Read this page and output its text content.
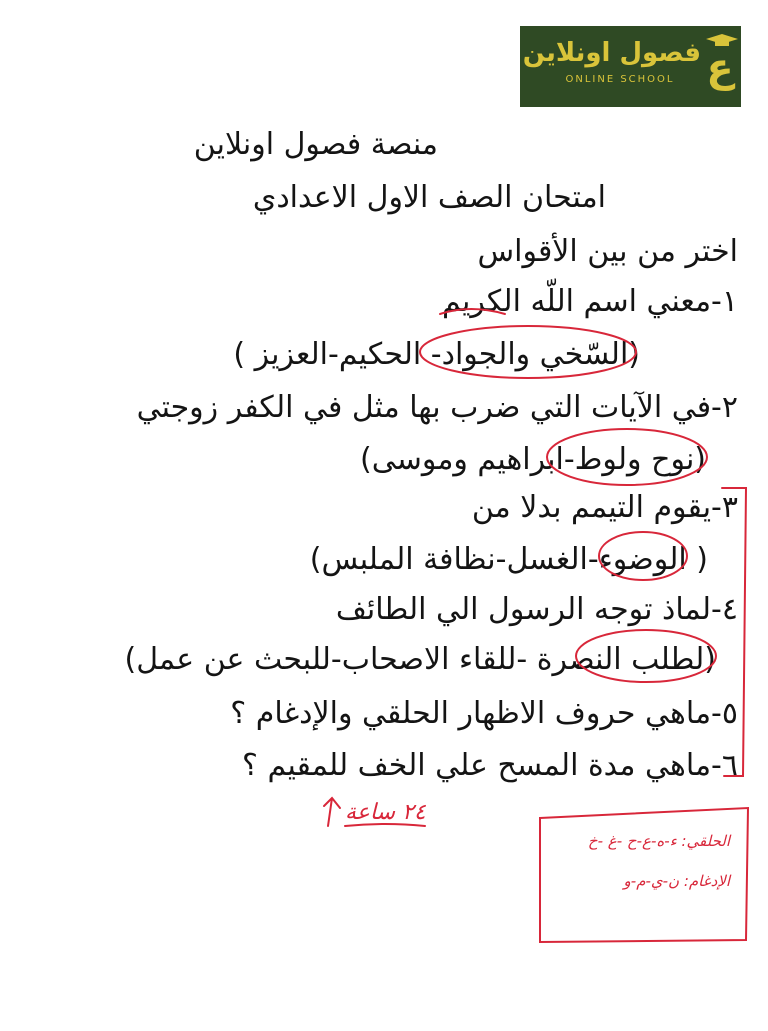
ع
فصول اونلاين
ONLINE SCHOOL
منصة فصول اونلاين
امتحان الصف الاول الاعدادي
اختر من بين الأقواس
١-معني اسم اللّه الكريم
(السّخي والجواد- الحكيم-العزيز )
٢-في الآيات التي ضرب بها مثل في الكفر زوجتي
(نوح ولوط-ابراهيم وموسى)
٣-يقوم التيمم بدلا من
( الوضوء-الغسل-نظافة الملبس)
٤-لماذ توجه الرسول الي الطائف
(لطلب النصرة -للقاء الاصحاب-للبحث عن عمل)
٥-ماهي حروف الاظهار الحلقي والإدغام ؟
٦-ماهي مدة المسح علي الخف للمقيم ؟
٢٤ ساعة
الحلقي: ء-ه-ع-ح -غ -خ
الإدغام: ن-ي-م-و
